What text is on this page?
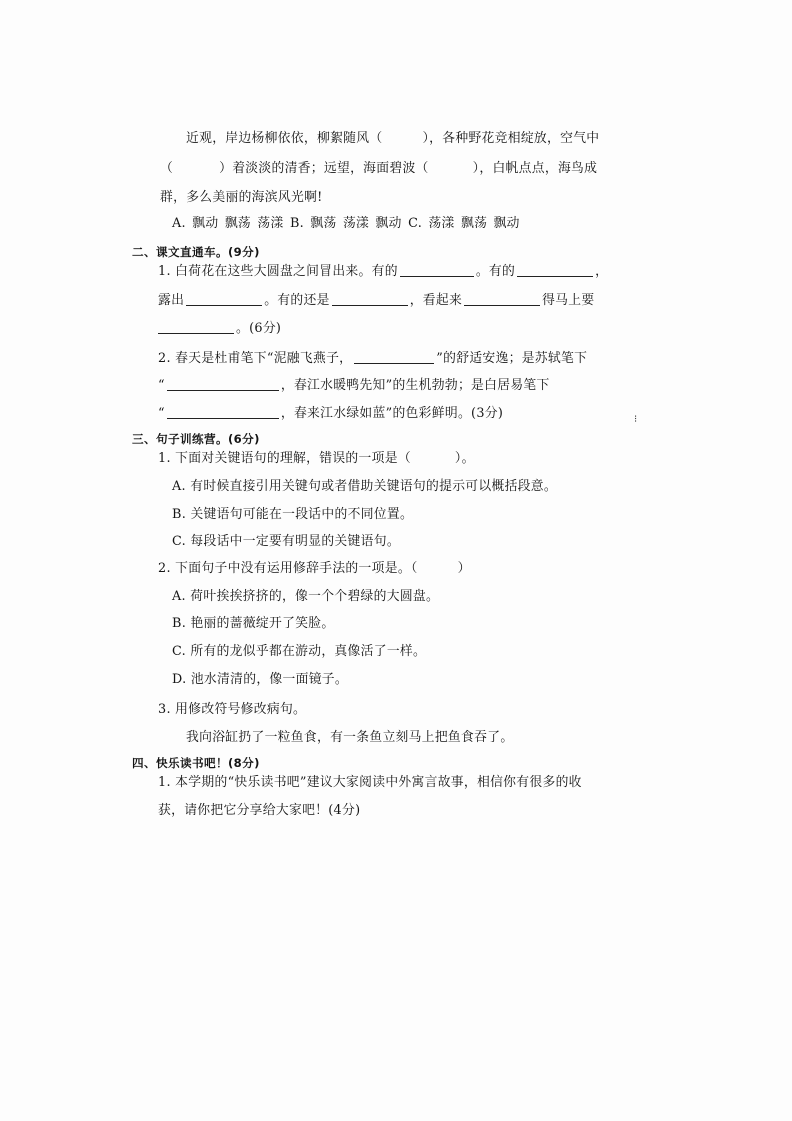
近观，岸边杨柳依依，柳絮随风（	），各种野花竞相绽放，空气中
（	）着淡淡的清香；远望，海面碧波（	），白帆点点，海鸟成
群，多么美丽的海滨风光啊!
A. 飘动 飘荡 荡漾 B. 飘荡 荡漾 飘动 C. 荡漾 飘荡 飘动
二、课文直通车。(9分)
1. 白荷花在这些大圆盘之间冒出来。有的	。有的	，
露出	。有的还是	，看起来	得马上要
。(6分)
2. 春天是杜甫笔下“泥融飞燕子，	”的舒适安逸；是苏轼笔下
“	，春江水暖鸭先知”的生机勃勃；是白居易笔下
“	，春来江水绿如蓝”的色彩鲜明。(3分)	⁝
三、句子训练营。(6分)
1. 下面对关键语句的理解，错误的一项是（	）。
A. 有时候直接引用关键句或者借助关键语句的提示可以概括段意。
B. 关键语句可能在一段话中的不同位置。
C. 每段话中一定要有明显的关键语句。
2. 下面句子中没有运用修辞手法的一项是。（	）
A. 荷叶挨挨挤挤的，像一个个碧绿的大圆盘。
B. 艳丽的蔷薇绽开了笑脸。
C. 所有的龙似乎都在游动，真像活了一样。
D. 池水清清的，像一面镜子。
3. 用修改符号修改病句。
我向浴缸扔了一粒鱼食，有一条鱼立刻马上把鱼食吞了。
四、快乐读书吧！(8分)
1. 本学期的“快乐读书吧”建议大家阅读中外寓言故事，相信你有很多的收
获，请你把它分享给大家吧！(4分)
